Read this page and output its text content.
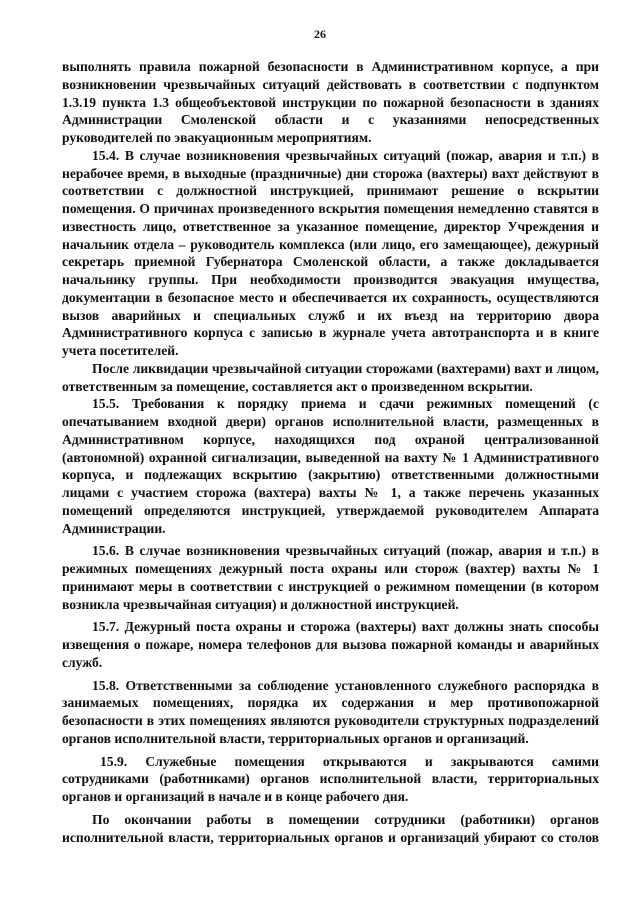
26

выполнять правила пожарной безопасности в Административном корпусе, а при возникновении чрезвычайных ситуаций действовать в соответствии с подпунктом 1.3.19 пункта 1.3 общеобъектовой инструкции по пожарной безопасности в зданиях Администрации Смоленской области и с указаниями непосредственных руководителей по эвакуационным мероприятиям.

15.4. В случае возникновения чрезвычайных ситуаций (пожар, авария и т.п.) в нерабочее время, в выходные (праздничные) дни сторожа (вахтеры) вахт действуют в соответствии с должностной инструкцией, принимают решение о вскрытии помещения. О причинах произведенного вскрытия помещения немедленно ставятся в известность лицо, ответственное за указанное помещение, директор Учреждения и начальник отдела – руководитель комплекса (или лицо, его замещающее), дежурный секретарь приемной Губернатора Смоленской области, а также докладывается начальнику группы. При необходимости производится эвакуация имущества, документации в безопасное место и обеспечивается их сохранность, осуществляются вызов аварийных и специальных служб и их въезд на территорию двора Административного корпуса с записью в журнале учета автотранспорта и в книге учета посетителей.

После ликвидации чрезвычайной ситуации сторожами (вахтерами) вахт и лицом, ответственным за помещение, составляется акт о произведенном вскрытии.

15.5. Требования к порядку приема и сдачи режимных помещений (с опечатыванием входной двери) органов исполнительной власти, размещенных в Административном корпусе, находящихся под охраной централизованной (автономной) охранной сигнализации, выведенной на вахту № 1 Административного корпуса, и подлежащих вскрытию (закрытию) ответственными должностными лицами с участием сторожа (вахтера) вахты № 1, а также перечень указанных помещений определяются инструкцией, утверждаемой руководителем Аппарата Администрации.

15.6. В случае возникновения чрезвычайных ситуаций (пожар, авария и т.п.) в режимных помещениях дежурный поста охраны или сторож (вахтер) вахты № 1 принимают меры в соответствии с инструкцией о режимном помещении (в котором возникла чрезвычайная ситуация) и должностной инструкцией.

15.7. Дежурный поста охраны и сторожа (вахтеры) вахт должны знать способы извещения о пожаре, номера телефонов для вызова пожарной команды и аварийных служб.

15.8. Ответственными за соблюдение установленного служебного распорядка в занимаемых помещениях, порядка их содержания и мер противопожарной безопасности в этих помещениях являются руководители структурных подразделений органов исполнительной власти, территориальных органов и организаций.

15.9. Служебные помещения открываются и закрываются самими сотрудниками (работниками) органов исполнительной власти, территориальных органов и организаций в начале и в конце рабочего дня.

По окончании работы в помещении сотрудники (работники) органов исполнительной власти, территориальных органов и организаций убирают со столов
